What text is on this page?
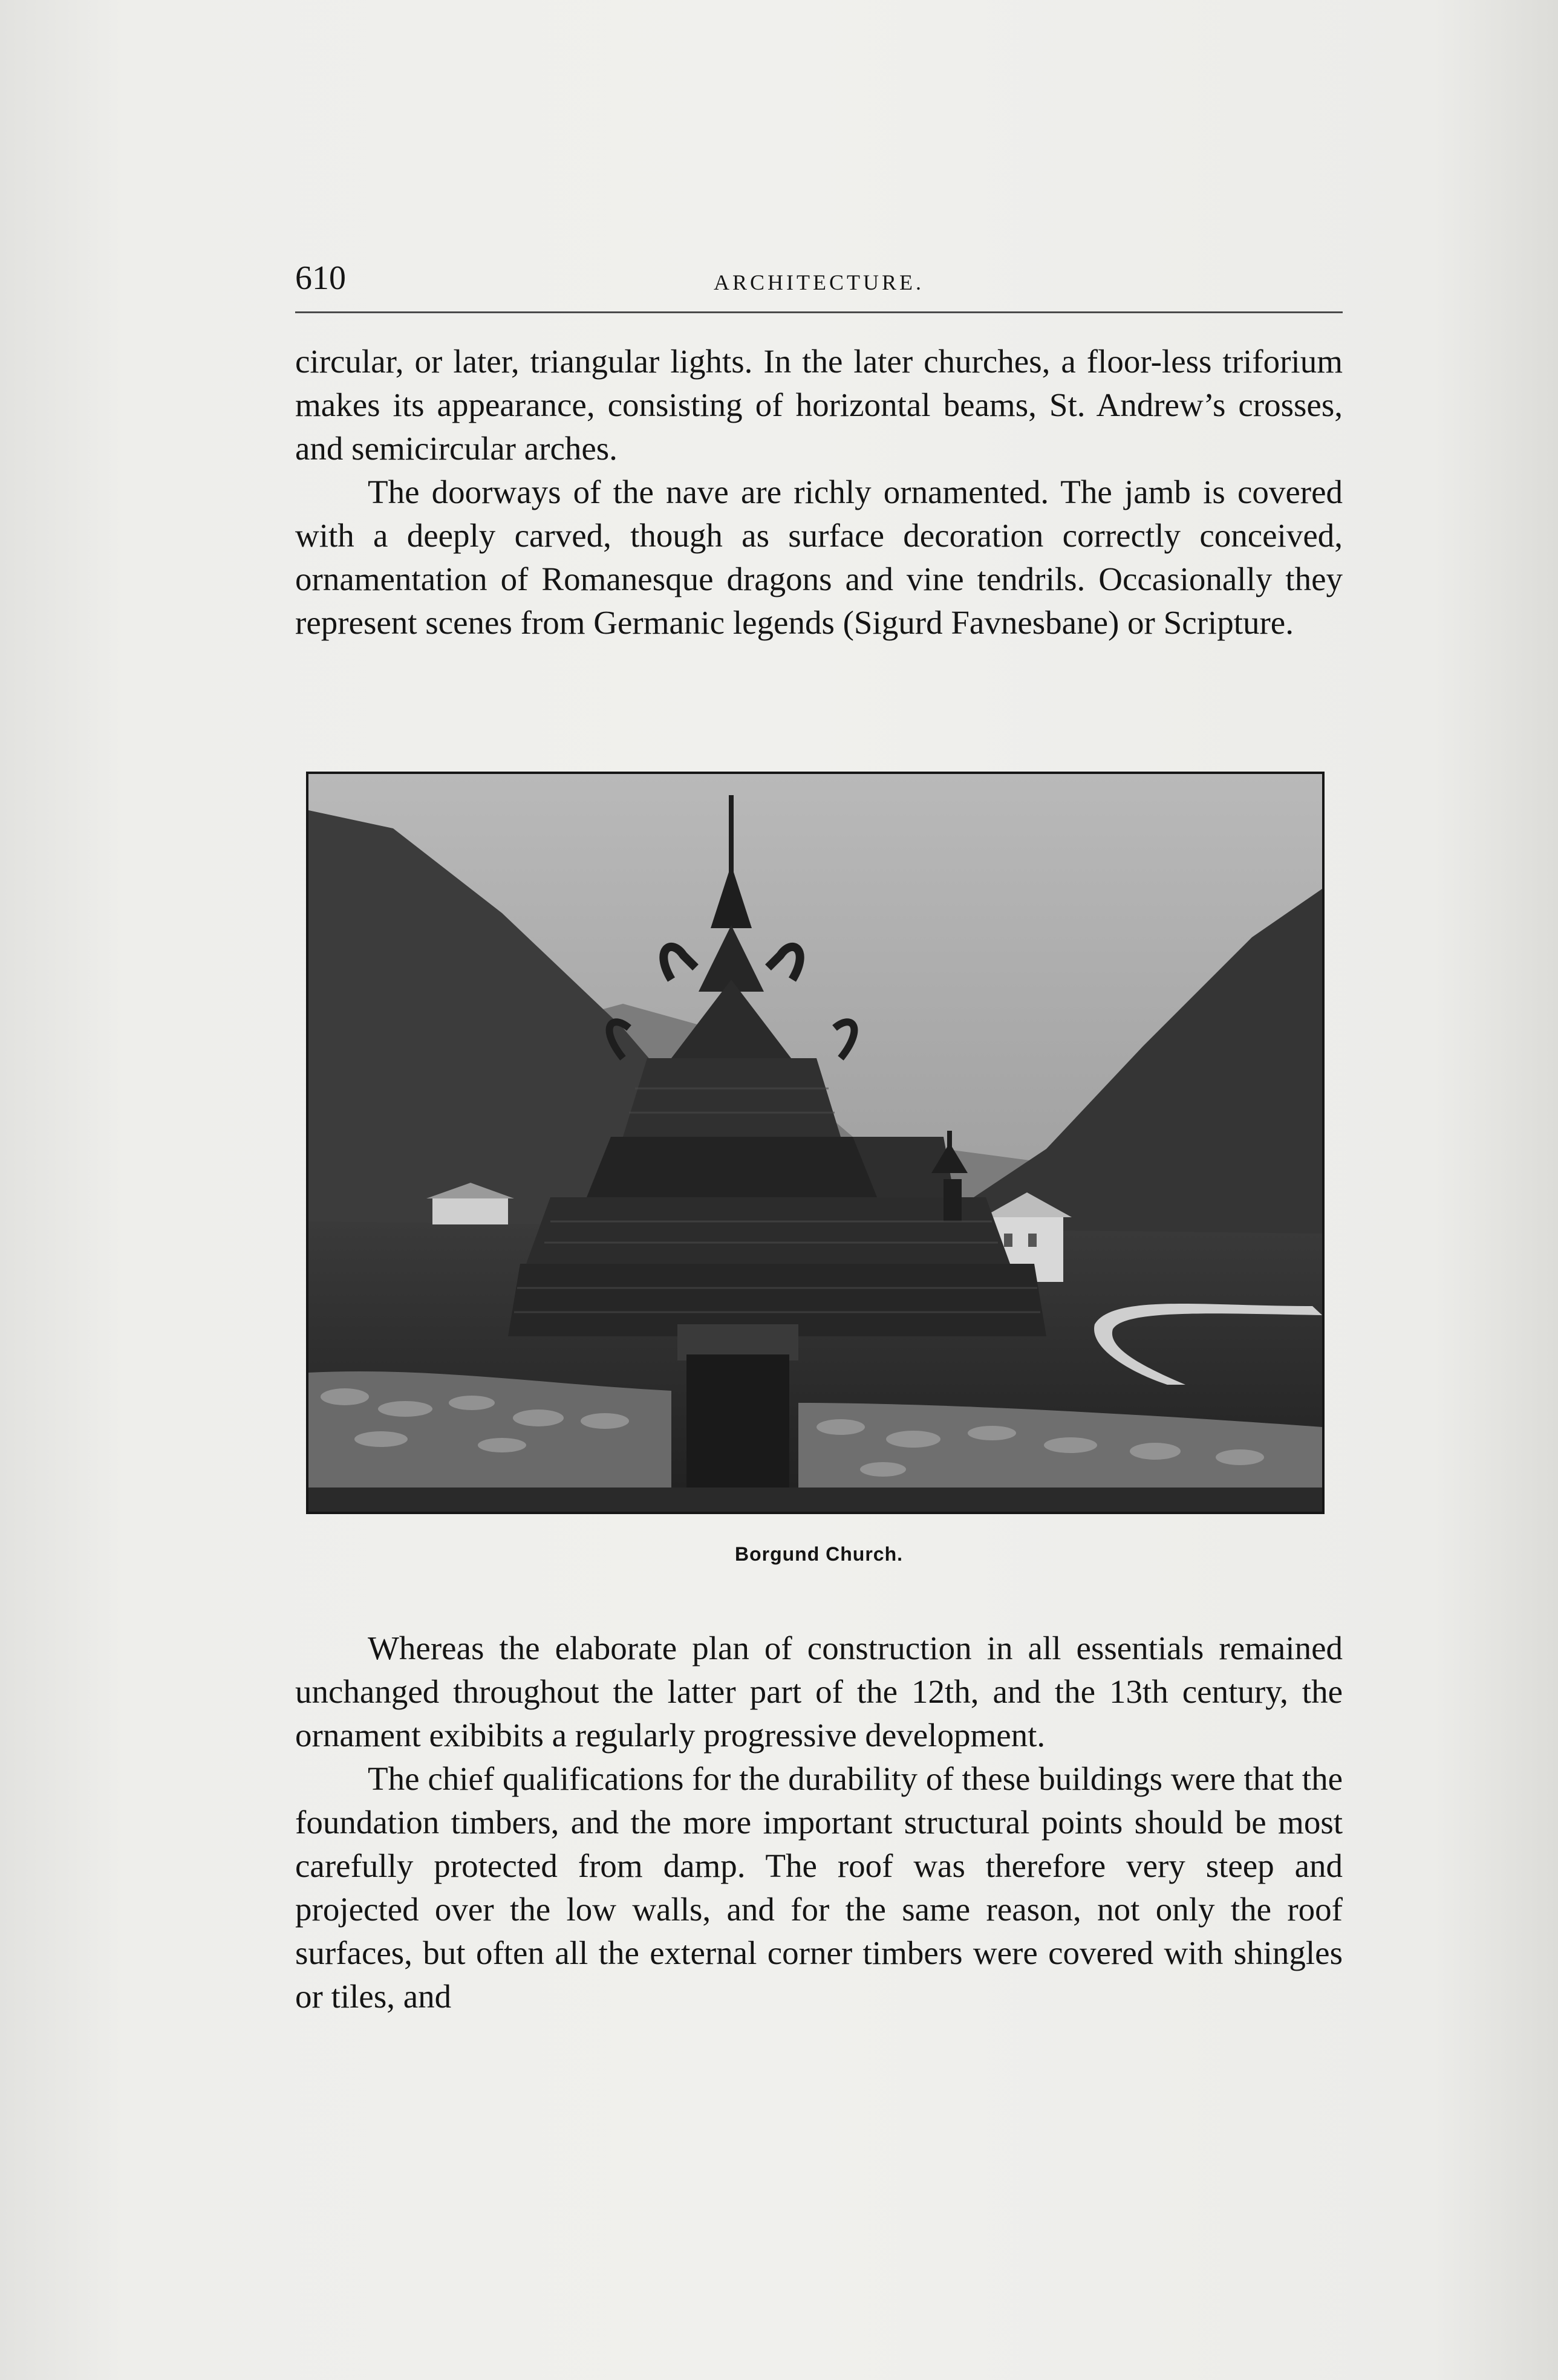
610	ARCHITECTURE.

circular, or later, triangular lights. In the later churches, a floor-less triforium makes its appearance, consisting of horizontal beams, St. Andrew’s crosses, and semicircular arches.

The doorways of the nave are richly ornamented. The jamb is covered with a deeply carved, though as surface decoration correctly conceived, ornamentation of Romanesque dragons and vine tendrils. Occasionally they represent scenes from Germanic legends (Sigurd Favnesbane) or Scripture.

Borgund Church.

Whereas the elaborate plan of construction in all essentials remained unchanged throughout the latter part of the 12th, and the 13th century, the ornament exibibits a regularly progressive development.

The chief qualifications for the durability of these buildings were that the foundation timbers, and the more important structural points should be most carefully protected from damp. The roof was therefore very steep and projected over the low walls, and for the same reason, not only the roof surfaces, but often all the external corner timbers were covered with shingles or tiles, and
